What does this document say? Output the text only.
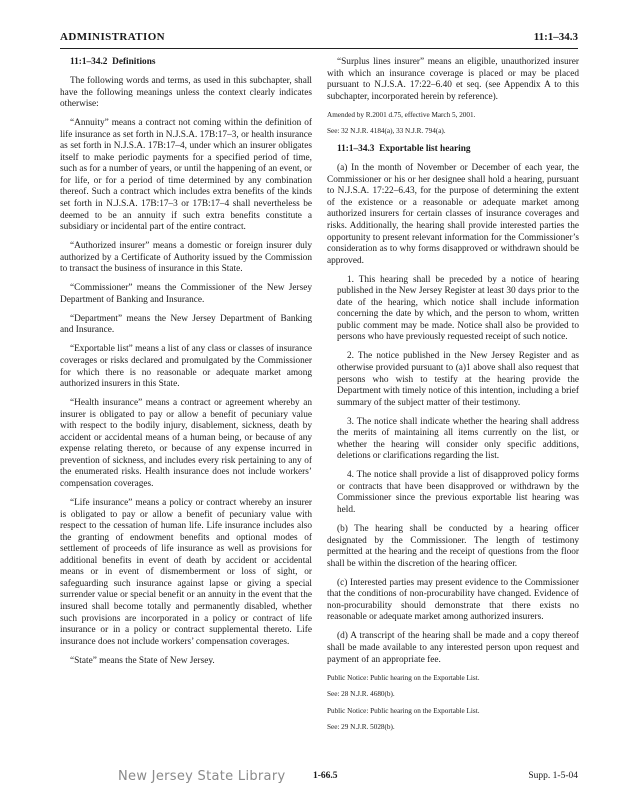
ADMINISTRATION	11:1–34.3

11:1–34.2 Definitions

The following words and terms, as used in this subchapter, shall have the following meanings unless the context clearly indicates otherwise:

“Annuity” means a contract not coming within the definition of life insurance as set forth in N.J.S.A. 17B:17–3, or health insurance as set forth in N.J.S.A. 17B:17–4, under which an insurer obligates itself to make periodic payments for a specified period of time, such as for a number of years, or until the happening of an event, or for life, or for a period of time determined by any combination thereof. Such a contract which includes extra benefits of the kinds set forth in N.J.S.A. 17B:17–3 or 17B:17–4 shall nevertheless be deemed to be an annuity if such extra benefits constitute a subsidiary or incidental part of the entire contract.

“Authorized insurer” means a domestic or foreign insurer duly authorized by a Certificate of Authority issued by the Commission to transact the business of insurance in this State.

“Commissioner” means the Commissioner of the New Jersey Department of Banking and Insurance.

“Department” means the New Jersey Department of Banking and Insurance.

“Exportable list” means a list of any class or classes of insurance coverages or risks declared and promulgated by the Commissioner for which there is no reasonable or adequate market among authorized insurers in this State.

“Health insurance” means a contract or agreement whereby an insurer is obligated to pay or allow a benefit of pecuniary value with respect to the bodily injury, disablement, sickness, death by accident or accidental means of a human being, or because of any expense relating thereto, or because of any expense incurred in prevention of sickness, and includes every risk pertaining to any of the enumerated risks. Health insurance does not include workers’ compensation coverages.

“Life insurance” means a policy or contract whereby an insurer is obligated to pay or allow a benefit of pecuniary value with respect to the cessation of human life. Life insurance includes also the granting of endowment benefits and optional modes of settlement of proceeds of life insurance as well as provisions for additional benefits in event of death by accident or accidental means or in event of dismemberment or loss of sight, or safeguarding such insurance against lapse or giving a special surrender value or special benefit or an annuity in the event that the insured shall become totally and permanently disabled, whether such provisions are incorporated in a policy or contract of life insurance or in a policy or contract supplemental thereto. Life insurance does not include workers’ compensation coverages.

“State” means the State of New Jersey.

“Surplus lines insurer” means an eligible, unauthorized insurer with which an insurance coverage is placed or may be placed pursuant to N.J.S.A. 17:22–6.40 et seq. (see Appendix A to this subchapter, incorporated herein by reference).

Amended by R.2001 d.75, effective March 5, 2001.

See: 32 N.J.R. 4184(a), 33 N.J.R. 794(a).

11:1–34.3 Exportable list hearing

(a) In the month of November or December of each year, the Commissioner or his or her designee shall hold a hearing, pursuant to N.J.S.A. 17:22–6.43, for the purpose of determining the extent of the existence or a reasonable or adequate market among authorized insurers for certain classes of insurance coverages and risks. Additionally, the hearing shall provide interested parties the opportunity to present relevant information for the Commissioner’s consideration as to why forms disapproved or withdrawn should be approved.

1. This hearing shall be preceded by a notice of hearing published in the New Jersey Register at least 30 days prior to the date of the hearing, which notice shall include information concerning the date by which, and the person to whom, written public comment may be made. Notice shall also be provided to persons who have previously requested receipt of such notice.

2. The notice published in the New Jersey Register and as otherwise provided pursuant to (a)1 above shall also request that persons who wish to testify at the hearing provide the Department with timely notice of this intention, including a brief summary of the subject matter of their testimony.

3. The notice shall indicate whether the hearing shall address the merits of maintaining all items currently on the list, or whether the hearing will consider only specific additions, deletions or clarifications regarding the list.

4. The notice shall provide a list of disapproved policy forms or contracts that have been disapproved or withdrawn by the Commissioner since the previous exportable list hearing was held.

(b) The hearing shall be conducted by a hearing officer designated by the Commissioner. The length of testimony permitted at the hearing and the receipt of questions from the floor shall be within the discretion of the hearing officer.

(c) Interested parties may present evidence to the Commissioner that the conditions of non-procurability have changed. Evidence of non-procurability should demonstrate that there exists no reasonable or adequate market among authorized insurers.

(d) A transcript of the hearing shall be made and a copy thereof shall be made available to any interested person upon request and payment of an appropriate fee.

Public Notice: Public hearing on the Exportable List.

See: 28 N.J.R. 4680(b).

Public Notice: Public hearing on the Exportable List.

See: 29 N.J.R. 5028(b).

New Jersey State Library	1-66.5	Supp. 1-5-04
